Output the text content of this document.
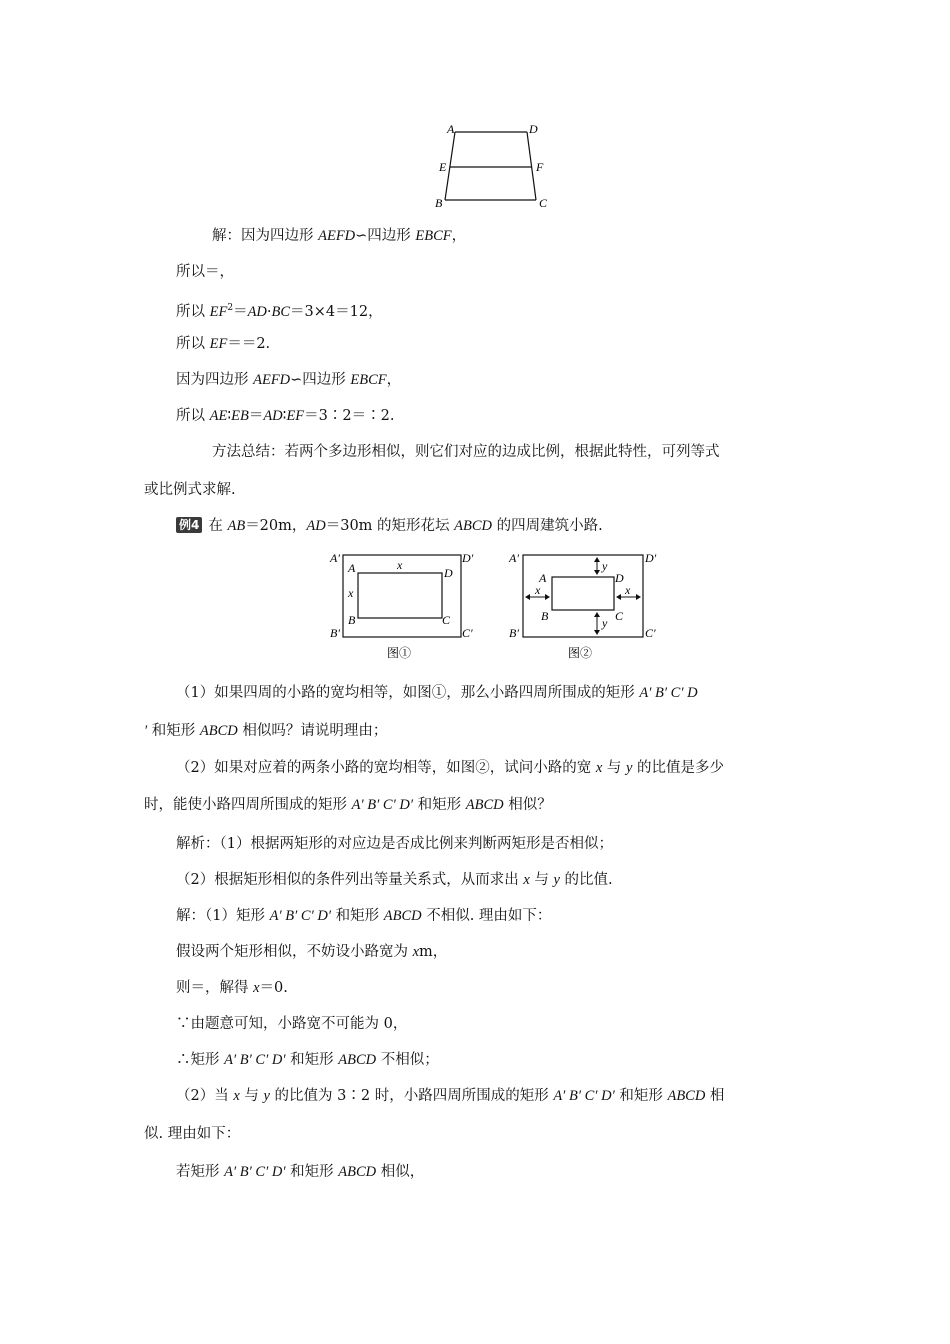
A	D
E	F
B	C
解：因为四边形 AEFD∽四边形 EBCF，
所以＝，
所以 $EF^2=AD\cdot BC=3\times 4=12$，
所以 EF＝＝2.
因为四边形 AEFD∽四边形 EBCF，
所以 AE∶EB＝AD∶EF＝3∶2＝∶2.
方法总结：若两个多边形相似，则它们对应的边成比例，根据此特性，可列等式
或比例式求解.
例4 在 AB＝20m，AD＝30m 的矩形花坛 ABCD 的四周建筑小路.
A′	D′
B′	C′
A	D
B	C
x
x
图①
A′	D′
B′	C′
A	D
B	C
y
y
x	x
图②
（1）如果四周的小路的宽均相等，如图①，那么小路四周所围成的矩形 A′ B′ C′ D
′ 和矩形 ABCD 相似吗？请说明理由；
（2）如果对应着的两条小路的宽均相等，如图②，试问小路的宽 x 与 y 的比值是多少
时，能使小路四周所围成的矩形 A′ B′ C′ D′ 和矩形 ABCD 相似？
解析：（1）根据两矩形的对应边是否成比例来判断两矩形是否相似；
（2）根据矩形相似的条件列出等量关系式，从而求出 x 与 y 的比值.
解：（1）矩形 A′ B′ C′ D′ 和矩形 ABCD 不相似. 理由如下：
假设两个矩形相似，不妨设小路宽为 xm，
则＝，解得 x＝0.
∵由题意可知，小路宽不可能为 0，
∴矩形 A′ B′ C′ D′ 和矩形 ABCD 不相似；
（2）当 x 与 y 的比值为 3∶2 时，小路四周所围成的矩形 A′ B′ C′ D′ 和矩形 ABCD 相
似. 理由如下：
若矩形 A′ B′ C′ D′ 和矩形 ABCD 相似，
